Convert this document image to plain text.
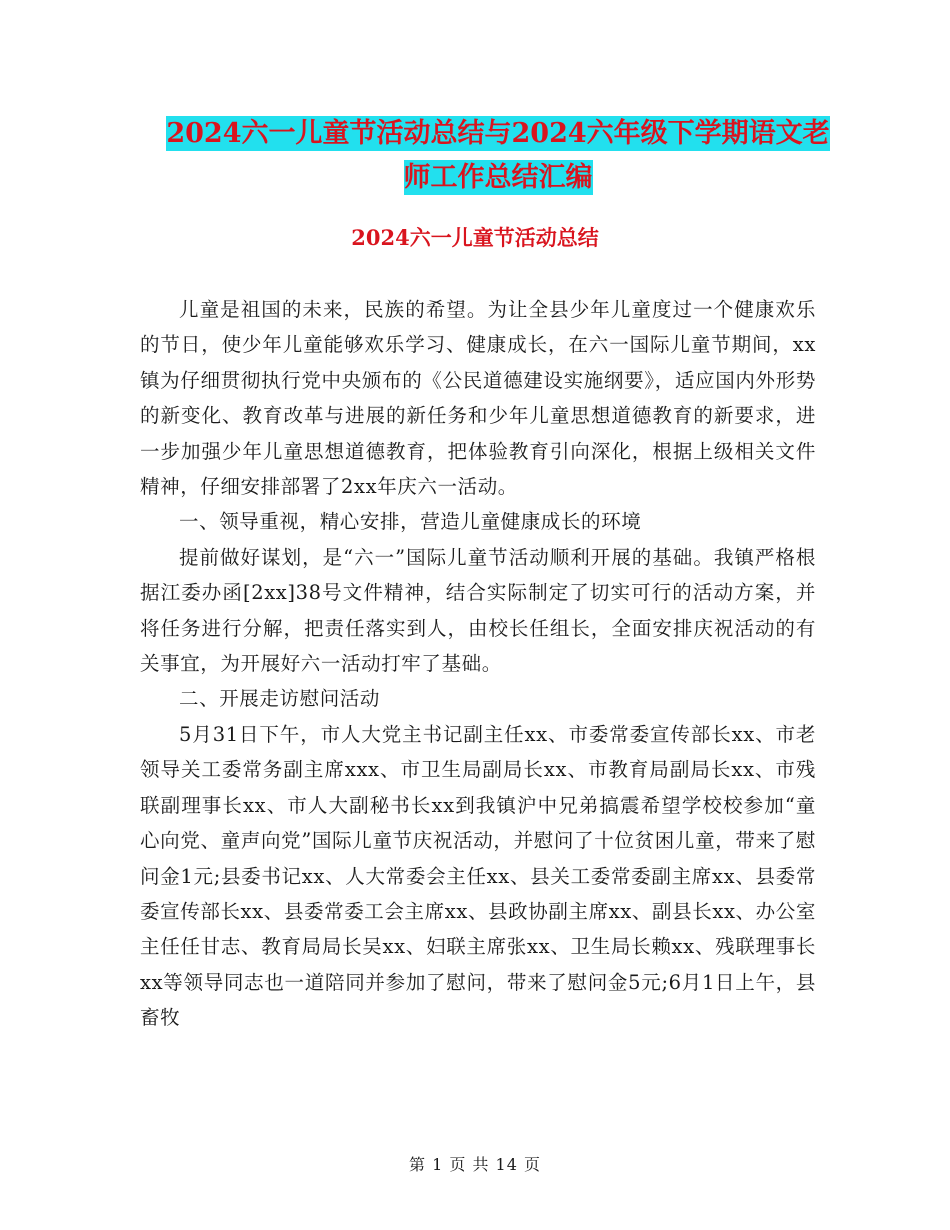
2024六一儿童节活动总结与2024六年级下学期语文老
师工作总结汇编
2024六一儿童节活动总结

儿童是祖国的未来，民族的希望。为让全县少年儿童度过一个健康欢乐的节日，使少年儿童能够欢乐学习、健康成长，在六一国际儿童节期间，xx镇为仔细贯彻执行党中央颁布的《公民道德建设实施纲要》，适应国内外形势的新变化、教育改革与进展的新任务和少年儿童思想道德教育的新要求，进一步加强少年儿童思想道德教育，把体验教育引向深化，根据上级相关文件精神，仔细安排部署了2xx年庆六一活动。

一、领导重视，精心安排，营造儿童健康成长的环境

提前做好谋划，是“六一”国际儿童节活动顺利开展的基础。我镇严格根据江委办函[2xx]38号文件精神，结合实际制定了切实可行的活动方案，并将任务进行分解，把责任落实到人，由校长任组长，全面安排庆祝活动的有关事宜，为开展好六一活动打牢了基础。

二、开展走访慰问活动

5月31日下午，市人大党主书记副主任xx、市委常委宣传部长xx、市老领导关工委常务副主席xxx、市卫生局副局长xx、市教育局副局长xx、市残联副理事长xx、市人大副秘书长xx到我镇沪中兄弟搞震希望学校校参加“童心向党、童声向党”国际儿童节庆祝活动，并慰问了十位贫困儿童，带来了慰问金1元;县委书记xx、人大常委会主任xx、县关工委常委副主席xx、县委常委宣传部长xx、县委常委工会主席xx、县政协副主席xx、副县长xx、办公室主任任甘志、教育局局长吴xx、妇联主席张xx、卫生局长赖xx、残联理事长xx等领导同志也一道陪同并参加了慰问，带来了慰问金5元;6月1日上午，县畜牧

第 1 页 共 14 页
